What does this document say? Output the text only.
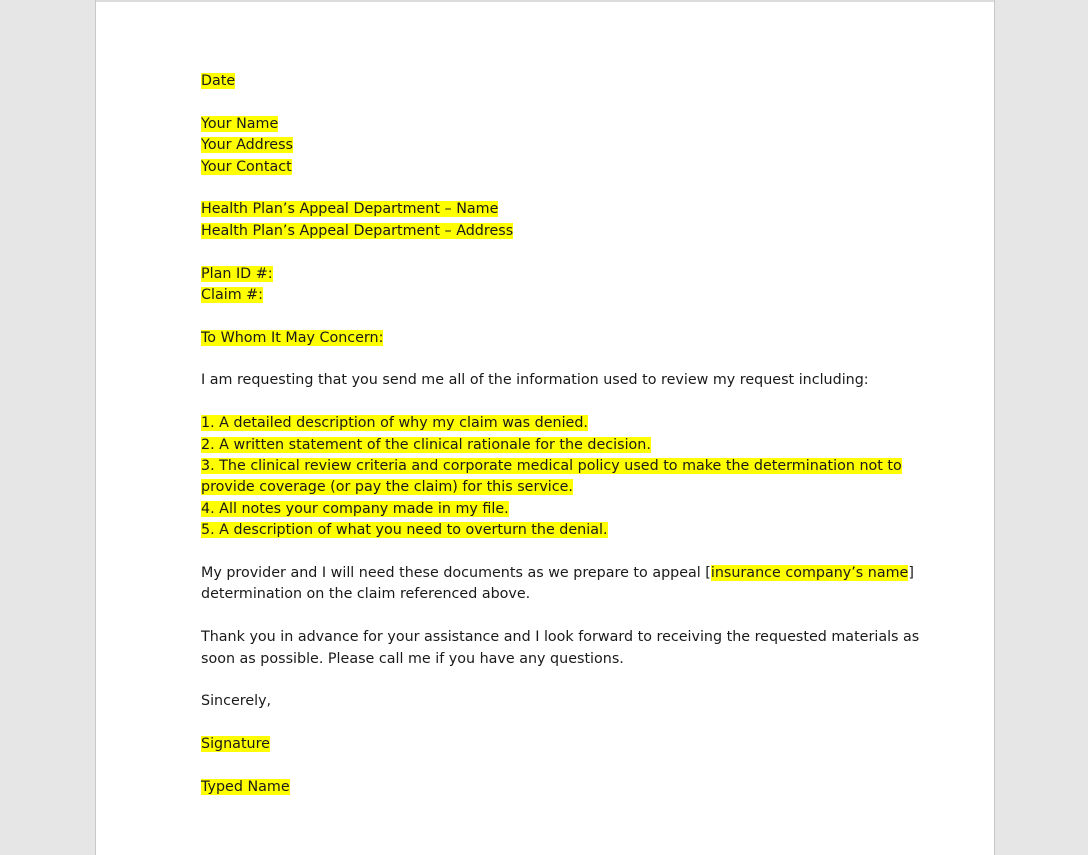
Date
Your Name
Your Address
Your Contact
Health Plan’s Appeal Department – Name
Health Plan’s Appeal Department – Address
Plan ID #:
Claim #:
To Whom It May Concern:
I am requesting that you send me all of the information used to review my request including:
1. A detailed description of why my claim was denied.
2. A written statement of the clinical rationale for the decision.
3. The clinical review criteria and corporate medical policy used to make the determination not to
provide coverage (or pay the claim) for this service.
4. All notes your company made in my file.
5. A description of what you need to overturn the denial.
My provider and I will need these documents as we prepare to appeal [insurance company’s name]
determination on the claim referenced above.
Thank you in advance for your assistance and I look forward to receiving the requested materials as
soon as possible. Please call me if you have any questions.
Sincerely,
Signature
Typed Name
